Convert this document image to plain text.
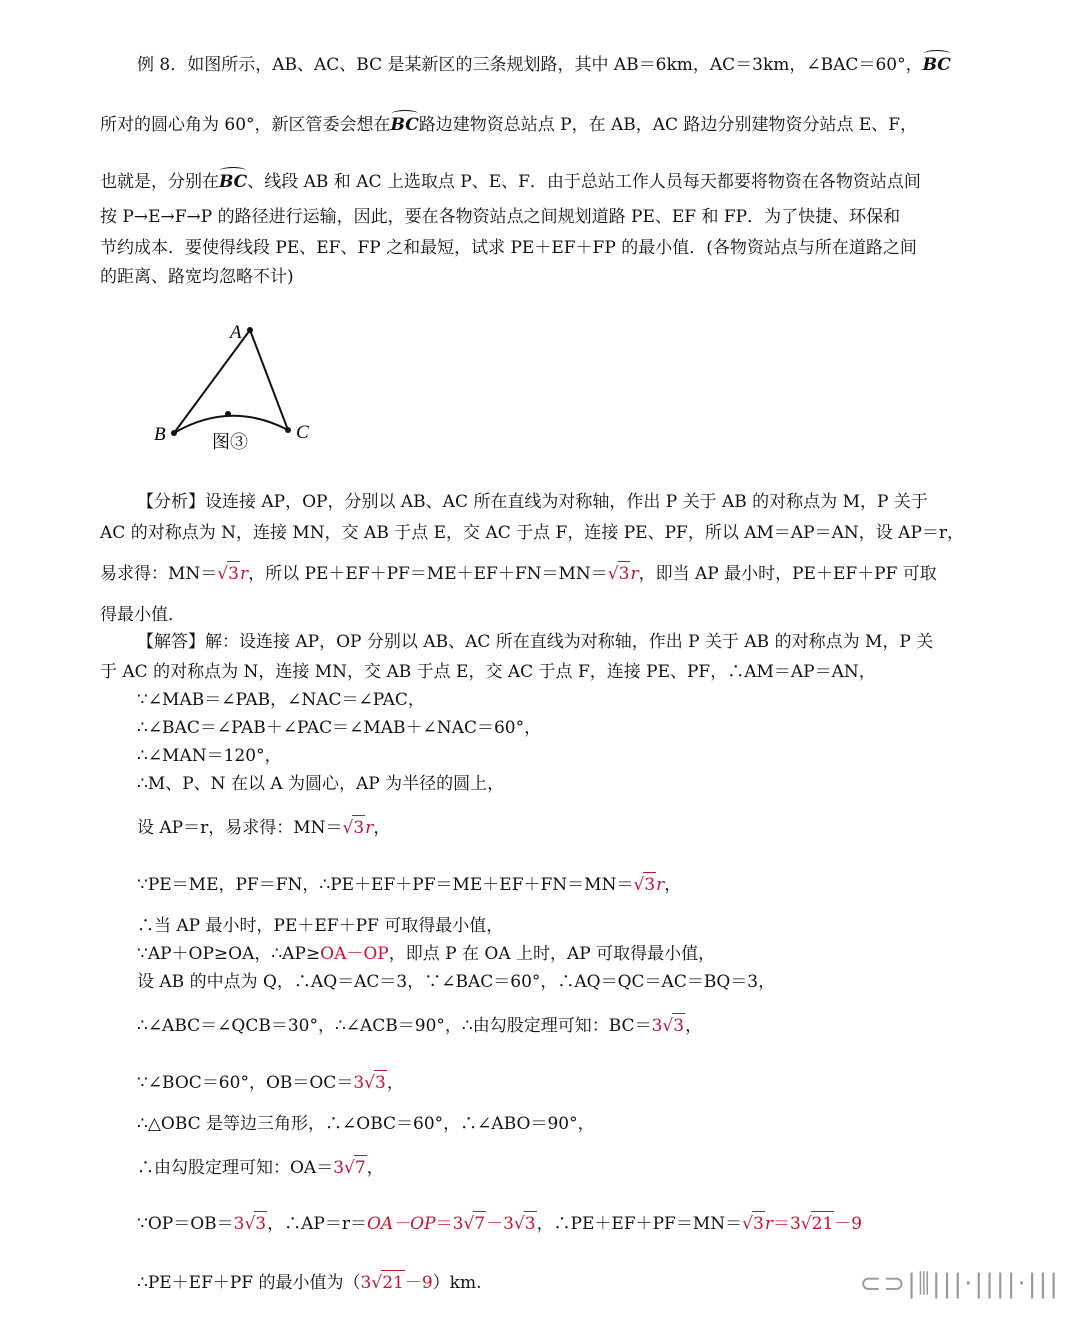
例 8．如图所示，AB、AC、BC 是某新区的三条规划路，其中 AB＝6km，AC＝3km，∠BAC＝60°，BC
所对的圆心角为 60°，新区管委会想在BC路边建物资总站点 P，在 AB，AC 路边分别建物资分站点 E、F，
也就是，分别在BC、线段 AB 和 AC 上选取点 P、E、F．由于总站工作人员每天都要将物资在各物资站点间
按 P→E→F→P 的路径进行运输，因此，要在各物资站点之间规划道路 PE、EF 和 FP．为了快捷、环保和
节约成本．要使得线段 PE、EF、FP 之和最短，试求 PE＋EF＋FP 的最小值．(各物资站点与所在道路之间
的距离、路宽均忽略不计)
A
B	C
图③
【分析】设连接 AP，OP，分别以 AB、AC 所在直线为对称轴，作出 P 关于 AB 的对称点为 M，P 关于
AC 的对称点为 N，连接 MN，交 AB 于点 E，交 AC 于点 F，连接 PE、PF，所以 AM＝AP＝AN，设 AP＝r，
易求得：MN＝√3r，所以 PE＋EF＋PF＝ME＋EF＋FN＝MN＝√3r，即当 AP 最小时，PE＋EF＋PF 可取
得最小值．
【解答】解：设连接 AP，OP 分别以 AB、AC 所在直线为对称轴，作出 P 关于 AB 的对称点为 M，P 关
于 AC 的对称点为 N，连接 MN，交 AB 于点 E，交 AC 于点 F，连接 PE、PF，∴AM＝AP＝AN，
∵∠MAB＝∠PAB，∠NAC＝∠PAC，
∴∠BAC＝∠PAB＋∠PAC＝∠MAB＋∠NAC＝60°，
∴∠MAN＝120°，
∴M、P、N 在以 A 为圆心，AP 为半径的圆上，
设 AP＝r，易求得：MN＝√3r，
∵PE＝ME，PF＝FN，∴PE＋EF＋PF＝ME＋EF＋FN＝MN＝√3r，
∴当 AP 最小时，PE＋EF＋PF 可取得最小值，
∵AP＋OP≥OA，∴AP≥OA－OP，即点 P 在 OA 上时，AP 可取得最小值，
设 AB 的中点为 Q，∴AQ＝AC＝3，∵∠BAC＝60°，∴AQ＝QC＝AC＝BQ＝3，
∴∠ABC＝∠QCB＝30°，∴∠ACB＝90°，∴由勾股定理可知：BC＝3√3，
∵∠BOC＝60°，OB＝OC＝3√3，
∴△OBC 是等边三角形，∴∠OBC＝60°，∴∠ABO＝90°，
∴由勾股定理可知：OA＝3√7，
∵OP＝OB＝3√3，∴AP＝r＝OA－OP＝3√7－3√3，∴PE＋EF＋PF＝MN＝√3r＝3√21－9
∴PE＋EF＋PF 的最小值为（3√21－9）km.	⊂⊃|⫼|||·||||·|||
